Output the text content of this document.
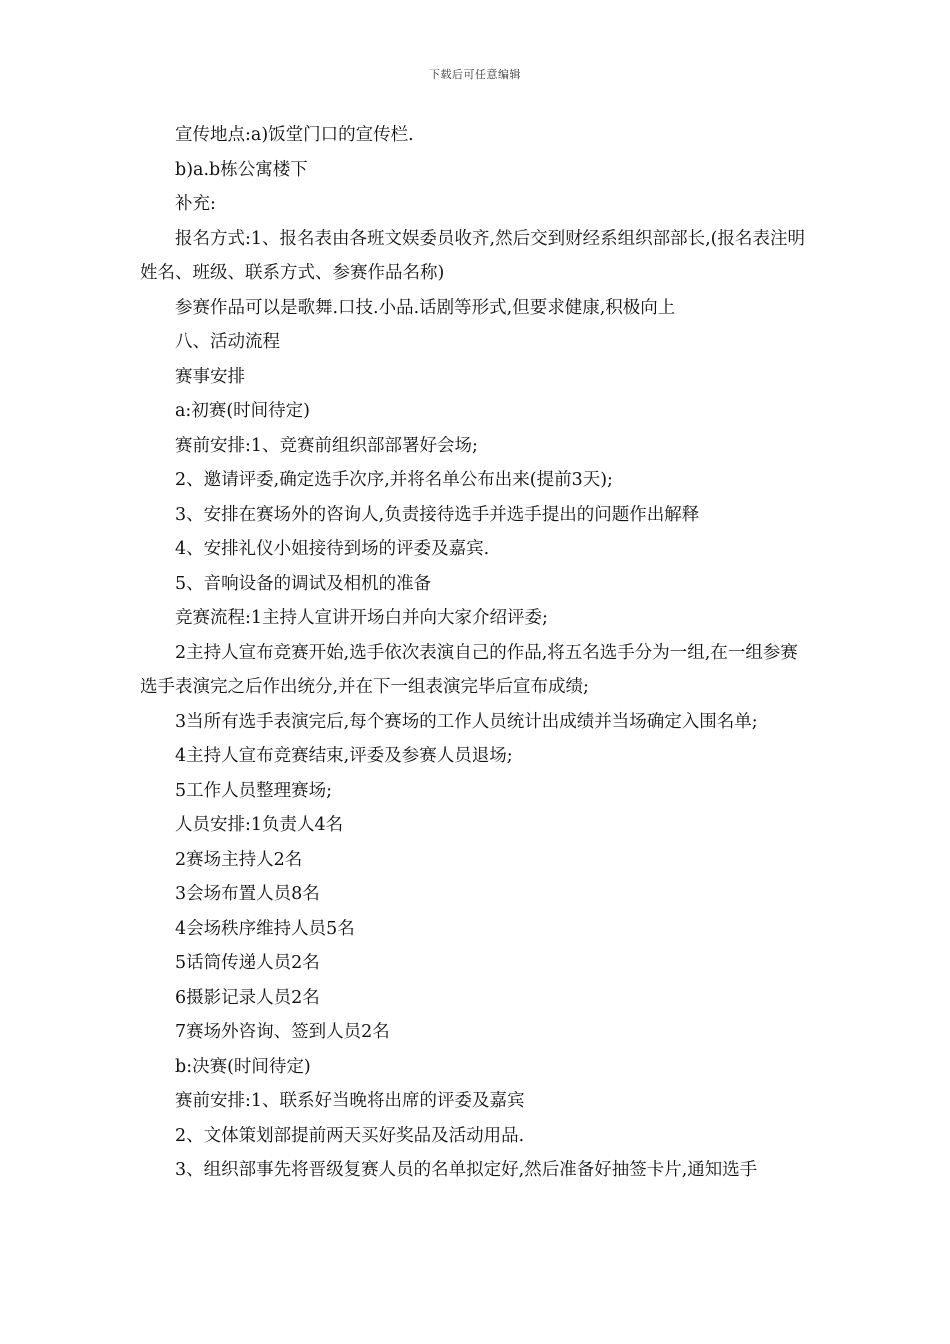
下载后可任意编辑

宣传地点:a)饭堂门口的宣传栏.

b)a.b栋公寓楼下

补充:

报名方式:1、报名表由各班文娱委员收齐,然后交到财经系组织部部长,(报名表注明姓名、班级、联系方式、参赛作品名称)

参赛作品可以是歌舞.口技.小品.话剧等形式,但要求健康,积极向上

八、活动流程

赛事安排

a:初赛(时间待定)

赛前安排:1、竞赛前组织部部署好会场;

2、邀请评委,确定选手次序,并将名单公布出来(提前3天);

3、安排在赛场外的咨询人,负责接待选手并选手提出的问题作出解释

4、安排礼仪小姐接待到场的评委及嘉宾.

5、音响设备的调试及相机的准备

竞赛流程:1主持人宣讲开场白并向大家介绍评委;

2主持人宣布竞赛开始,选手依次表演自己的作品,将五名选手分为一组,在一组参赛选手表演完之后作出统分,并在下一组表演完毕后宣布成绩;

3当所有选手表演完后,每个赛场的工作人员统计出成绩并当场确定入围名单;

4主持人宣布竞赛结束,评委及参赛人员退场;

5工作人员整理赛场;

人员安排:1负责人4名

2赛场主持人2名

3会场布置人员8名

4会场秩序维持人员5名

5话筒传递人员2名

6摄影记录人员2名

7赛场外咨询、签到人员2名

b:决赛(时间待定)

赛前安排:1、联系好当晚将出席的评委及嘉宾

2、文体策划部提前两天买好奖品及活动用品.

3、组织部事先将晋级复赛人员的名单拟定好,然后准备好抽签卡片,通知选手
